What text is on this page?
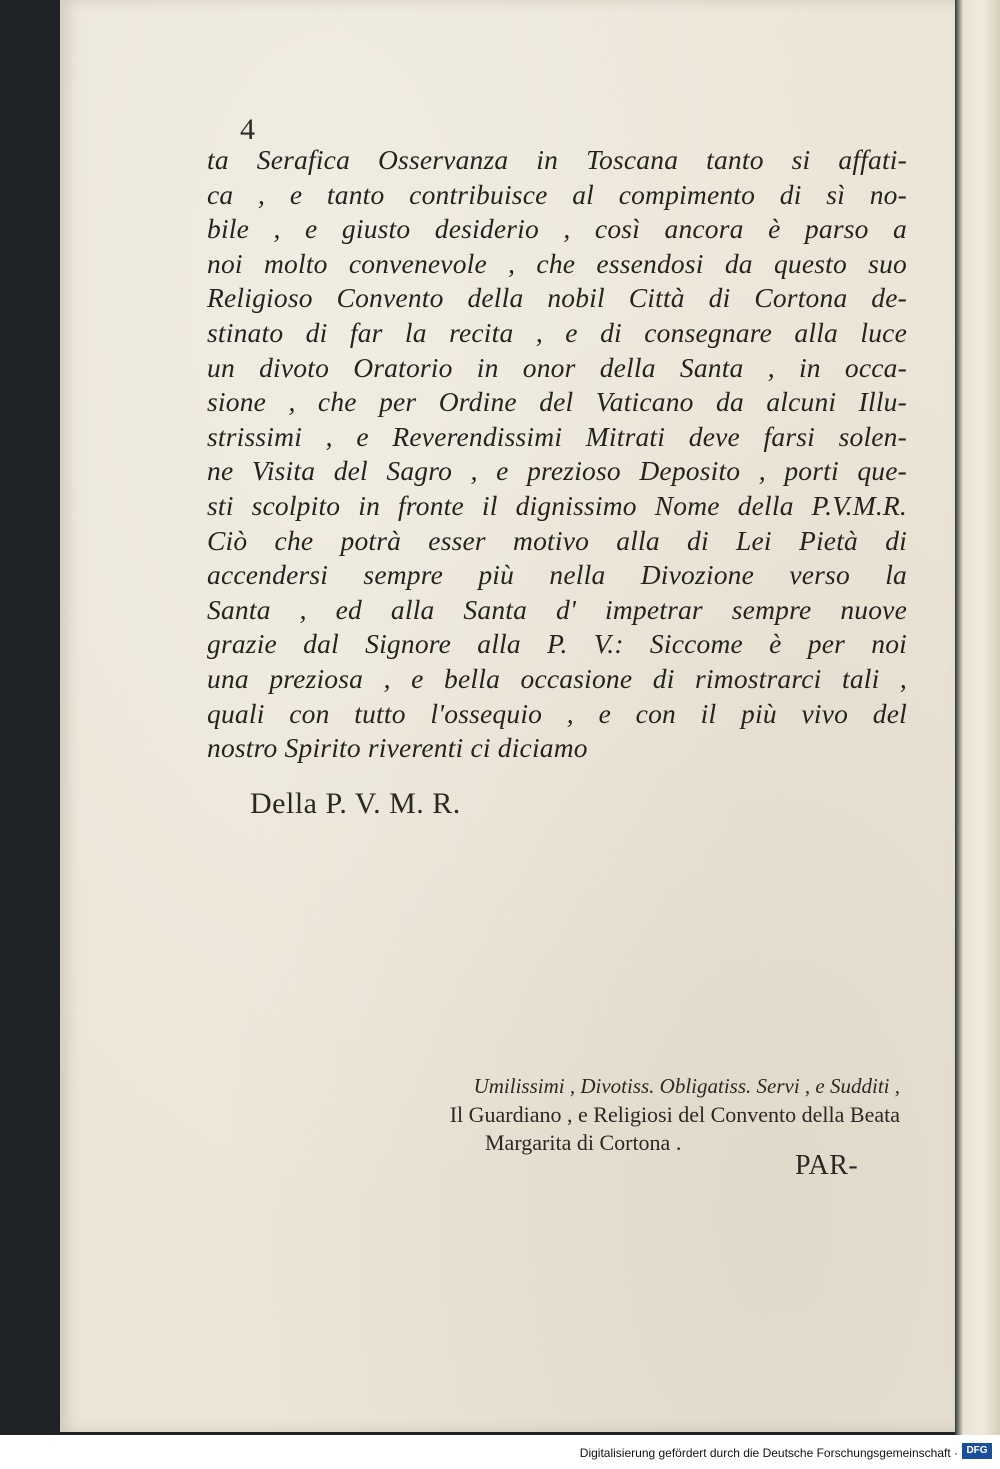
4
ta Serafica Osservanza in Toscana tanto si affati-
ca , e tanto contribuisce al compimento di sì no-
bile , e giusto desiderio , così ancora è parso a
noi molto convenevole , che essendosi da questo suo
Religioso Convento della nobil Città di Cortona de-
stinato di far la recita , e di consegnare alla luce
un divoto Oratorio in onor della Santa , in occa-
sione , che per Ordine del Vaticano da alcuni Illu-
strissimi , e Reverendissimi Mitrati deve farsi solen-
ne Visita del Sagro , e prezioso Deposito , porti que-
sti scolpito in fronte il dignissimo Nome della P.V.M.R.
Ciò che potrà esser motivo alla di Lei Pietà di
accendersi sempre più nella Divozione verso la
Santa , ed alla Santa d' impetrar sempre nuove
grazie dal Signore alla P. V.: Siccome è per noi
una preziosa , e bella occasione di rimostrarci tali ,
quali con tutto l'ossequio , e con il più vivo del
nostro Spirito riverenti ci diciamo
Della P. V. M. R.
Umilissimi , Divotiss. Obligatiss. Servi , e Sudditi ,
Il Guardiano , e Religiosi del Convento della Beata
Margarita di Cortona .
PAR-
Digitalisierung gefördert durch die Deutsche Forschungsgemeinschaft · DFG
